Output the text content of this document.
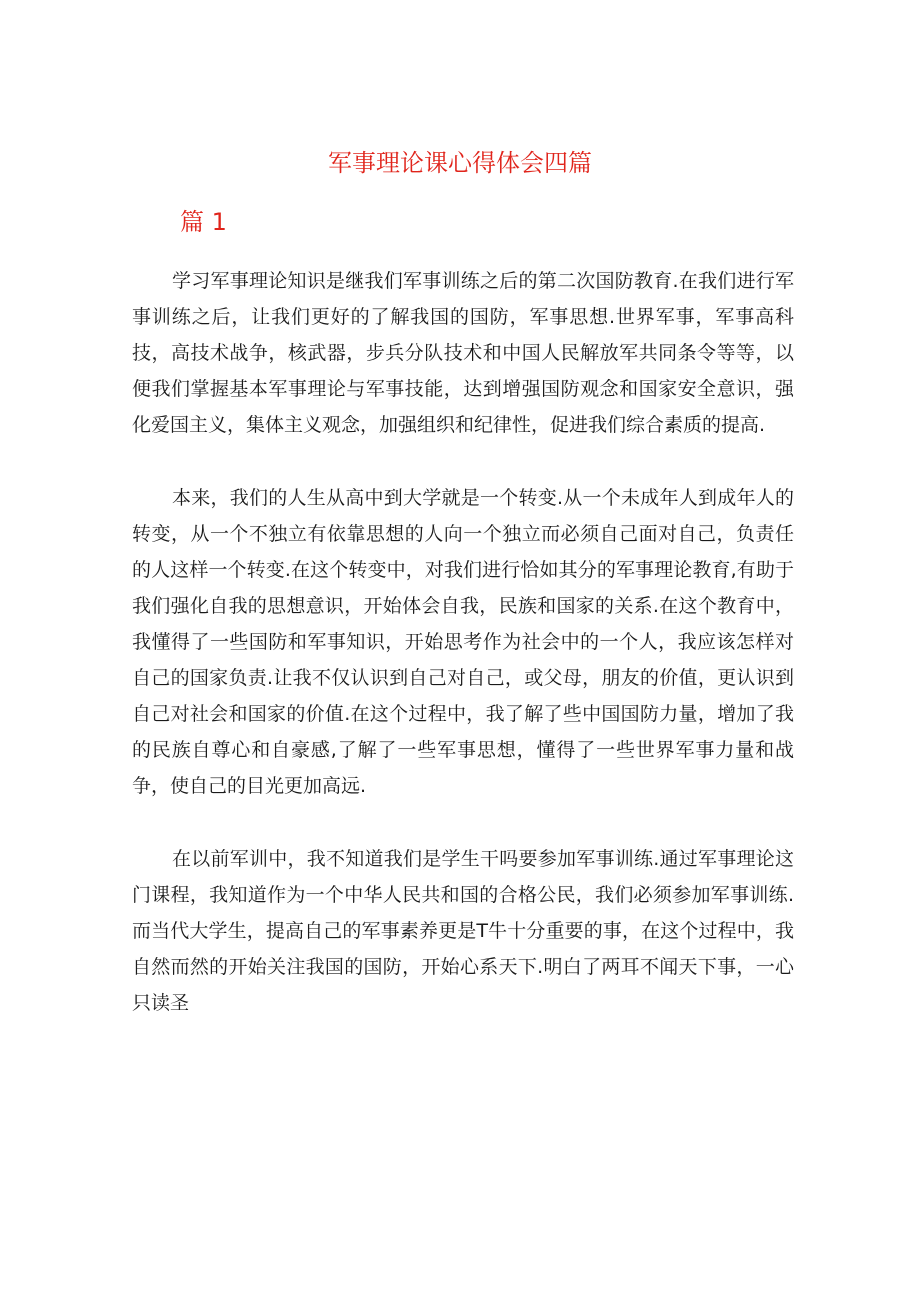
军事理论课心得体会四篇
篇 1

学习军事理论知识是继我们军事训练之后的第二次国防教育.在我们进行军事训练之后，让我们更好的了解我国的国防，军事思想.世界军事，军事高科技，高技术战争，核武器，步兵分队技术和中国人民解放军共同条令等等，以便我们掌握基本军事理论与军事技能，达到增强国防观念和国家安全意识，强化爱国主义，集体主义观念，加强组织和纪律性，促进我们综合素质的提高.

本来，我们的人生从高中到大学就是一个转变.从一个未成年人到成年人的转变，从一个不独立有依靠思想的人向一个独立而必须自己面对自己，负责任的人这样一个转变.在这个转变中，对我们进行恰如其分的军事理论教育,有助于我们强化自我的思想意识，开始体会自我，民族和国家的关系.在这个教育中，我懂得了一些国防和军事知识，开始思考作为社会中的一个人，我应该怎样对自己的国家负责.让我不仅认识到自己对自己，或父母，朋友的价值，更认识到自己对社会和国家的价值.在这个过程中，我了解了些中国国防力量，增加了我的民族自尊心和自豪感,了解了一些军事思想，懂得了一些世界军事力量和战争，使自己的目光更加高远.

在以前军训中，我不知道我们是学生干吗要参加军事训练.通过军事理论这门课程，我知道作为一个中华人民共和国的合格公民，我们必须参加军事训练.而当代大学生，提高自己的军事素养更是T牛十分重要的事，在这个过程中，我自然而然的开始关注我国的国防，开始心系天下.明白了两耳不闻天下事，一心只读圣
